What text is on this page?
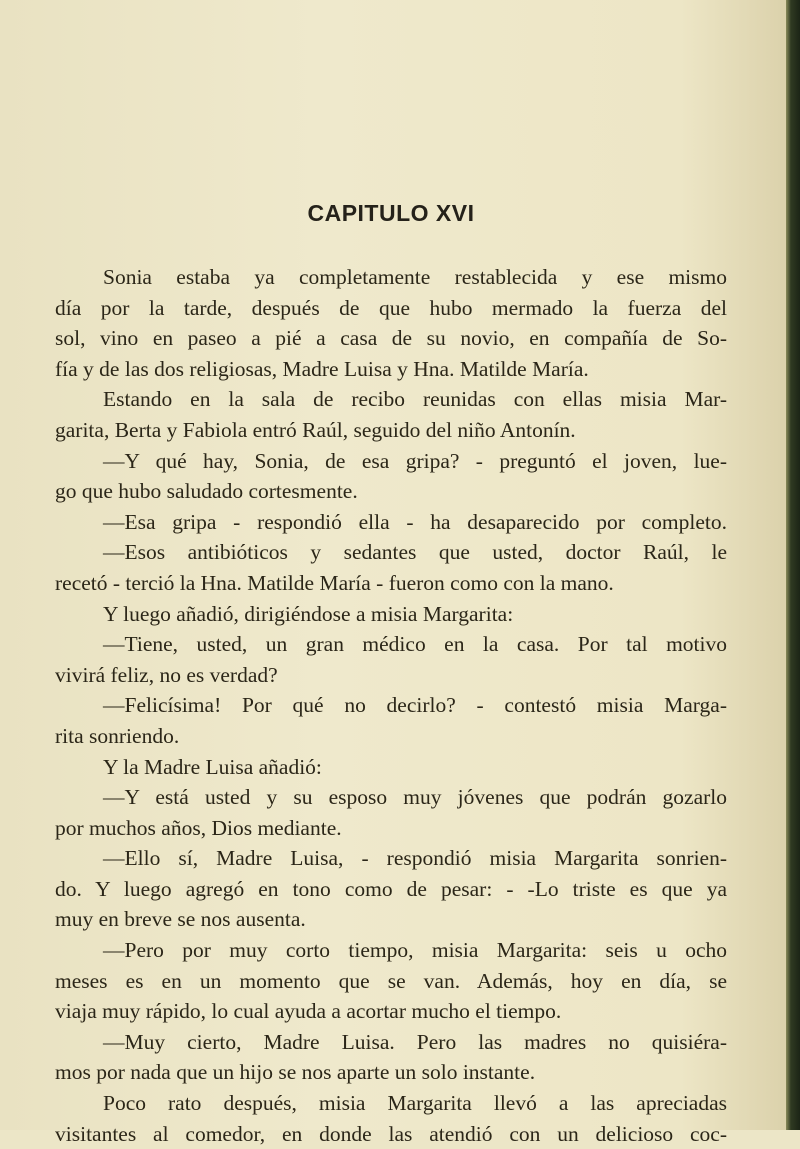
CAPITULO XVI
Sonia estaba ya completamente restablecida y ese mismo
día por la tarde, después de que hubo mermado la fuerza del
sol, vino en paseo a pié a casa de su novio, en compañía de So-
fía y de las dos religiosas, Madre Luisa y Hna. Matilde María.
Estando en la sala de recibo reunidas con ellas misia Mar-
garita, Berta y Fabiola entró Raúl, seguido del niño Antonín.
—Y qué hay, Sonia, de esa gripa? - preguntó el joven, lue-
go que hubo saludado cortesmente.
—Esa gripa - respondió ella - ha desaparecido por completo.
—Esos antibióticos y sedantes que usted, doctor Raúl, le
recetó - terció la Hna. Matilde María - fueron como con la mano.
Y luego añadió, dirigiéndose a misia Margarita:
—Tiene, usted, un gran médico en la casa. Por tal motivo
vivirá feliz, no es verdad?
—Felicísima! Por qué no decirlo? - contestó misia Marga-
rita sonriendo.
Y la Madre Luisa añadió:
—Y está usted y su esposo muy jóvenes que podrán gozarlo
por muchos años, Dios mediante.
—Ello sí, Madre Luisa, - respondió misia Margarita sonrien-
do. Y luego agregó en tono como de pesar: - -Lo triste es que ya
muy en breve se nos ausenta.
—Pero por muy corto tiempo, misia Margarita: seis u ocho
meses es en un momento que se van. Además, hoy en día, se
viaja muy rápido, lo cual ayuda a acortar mucho el tiempo.
—Muy cierto, Madre Luisa. Pero las madres no quisiéra-
mos por nada que un hijo se nos aparte un solo instante.
Poco rato después, misia Margarita llevó a las apreciadas
visitantes al comedor, en donde las atendió con un delicioso coc-
